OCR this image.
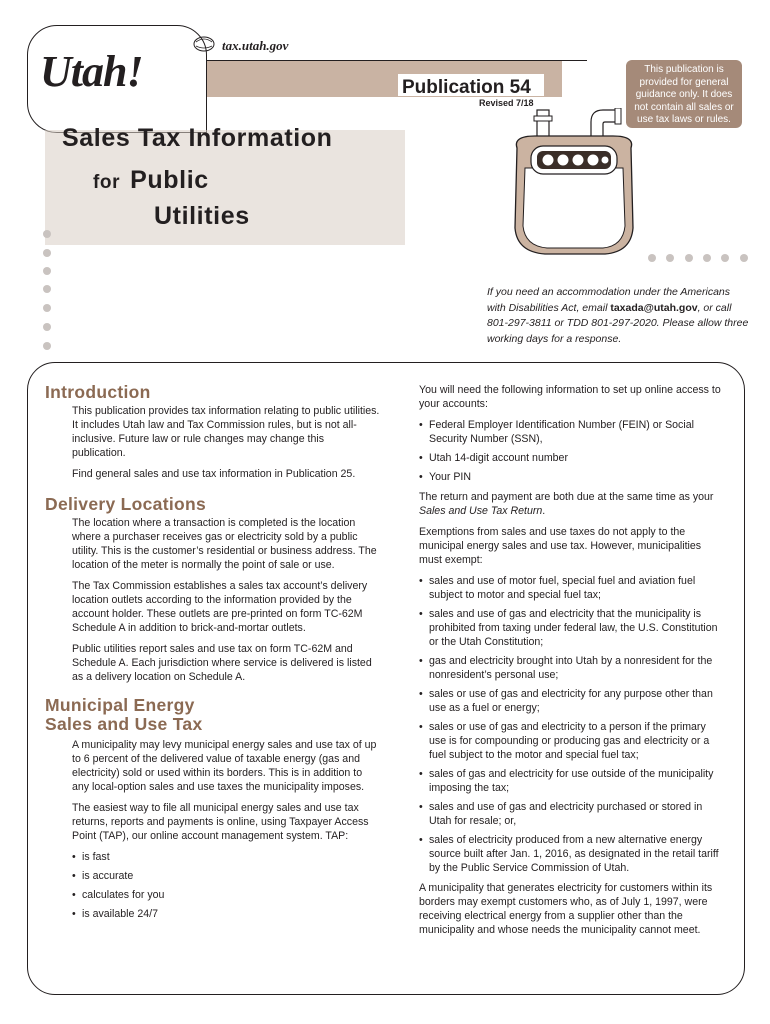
Utah!
tax.utah.gov
Publication 54
Revised 7/18
This publication is provided for general guidance only. It does not contain all sales or use tax laws or rules.
Sales Tax Information
for Public
Utilities
If you need an accommodation under the Americans with Disabilities Act, email taxada@utah.gov, or call 801-297-3811 or TDD 801-297-2020. Please allow three working days for a response.
Introduction

This publication provides tax information relating to public utilities. It includes Utah law and Tax Commission rules, but is not all-inclusive. Future law or rule changes may change this publication.

Find general sales and use tax information in Publication 25.

Delivery Locations

The location where a transaction is completed is the location where a purchaser receives gas or electricity sold by a public utility. This is the customer’s residential or business address. The location of the meter is normally the point of sale or use.

The Tax Commission establishes a sales tax account’s delivery location outlets according to the information provided by the account holder. These outlets are pre-printed on form TC-62M Schedule A in addition to brick-and-mortar outlets.

Public utilities report sales and use tax on form TC-62M and Schedule A. Each jurisdiction where service is delivered is listed as a delivery location on Schedule A.

Municipal Energy
Sales and Use Tax

A municipality may levy municipal energy sales and use tax of up to 6 percent of the delivered value of taxable energy (gas and electricity) sold or used within its borders. This is in addition to any local-option sales and use taxes the municipality imposes.

The easiest way to file all municipal energy sales and use tax returns, reports and payments is online, using Taxpayer Access Point (TAP), our online account management system. TAP:

• is fast
• is accurate
• calculates for you
• is available 24/7

You will need the following information to set up online access to your accounts:

• Federal Employer Identification Number (FEIN) or Social Security Number (SSN),
• Utah 14-digit account number
• Your PIN

The return and payment are both due at the same time as your Sales and Use Tax Return.

Exemptions from sales and use taxes do not apply to the municipal energy sales and use tax. However, municipalities must exempt:

• sales and use of motor fuel, special fuel and aviation fuel subject to motor and special fuel tax;
• sales and use of gas and electricity that the municipality is prohibited from taxing under federal law, the U.S. Constitution or the Utah Constitution;
• gas and electricity brought into Utah by a nonresident for the nonresident’s personal use;
• sales or use of gas and electricity for any purpose other than use as a fuel or energy;
• sales or use of gas and electricity to a person if the primary use is for compounding or producing gas and electricity or a fuel subject to the motor and special fuel tax;
• sales of gas and electricity for use outside of the municipality imposing the tax;
• sales and use of gas and electricity purchased or stored in Utah for resale; or,
• sales of electricity produced from a new alternative energy source built after Jan. 1, 2016, as designated in the retail tariff by the Public Service Commission of Utah.

A municipality that generates electricity for customers within its borders may exempt customers who, as of July 1, 1997, were receiving electrical energy from a supplier other than the municipality and whose needs the municipality cannot meet.
